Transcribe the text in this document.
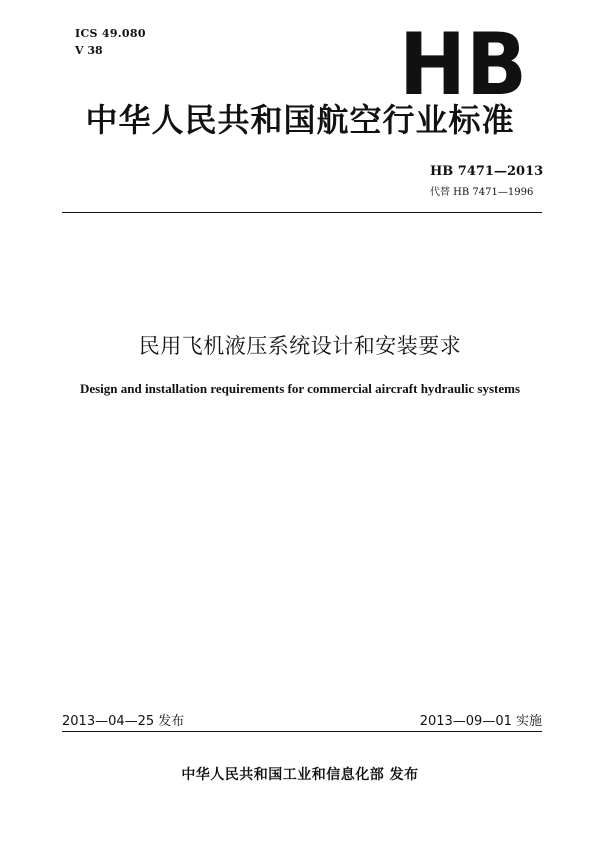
ICS 49.080
V 38	HB
中华人民共和国航空行业标准
HB 7471—2013
代替 HB 7471—1996
民用飞机液压系统设计和安装要求
Design and installation requirements for commercial aircraft hydraulic systems
2013—04—25 发布	2013—09—01 实施
中华人民共和国工业和信息化部 发布
